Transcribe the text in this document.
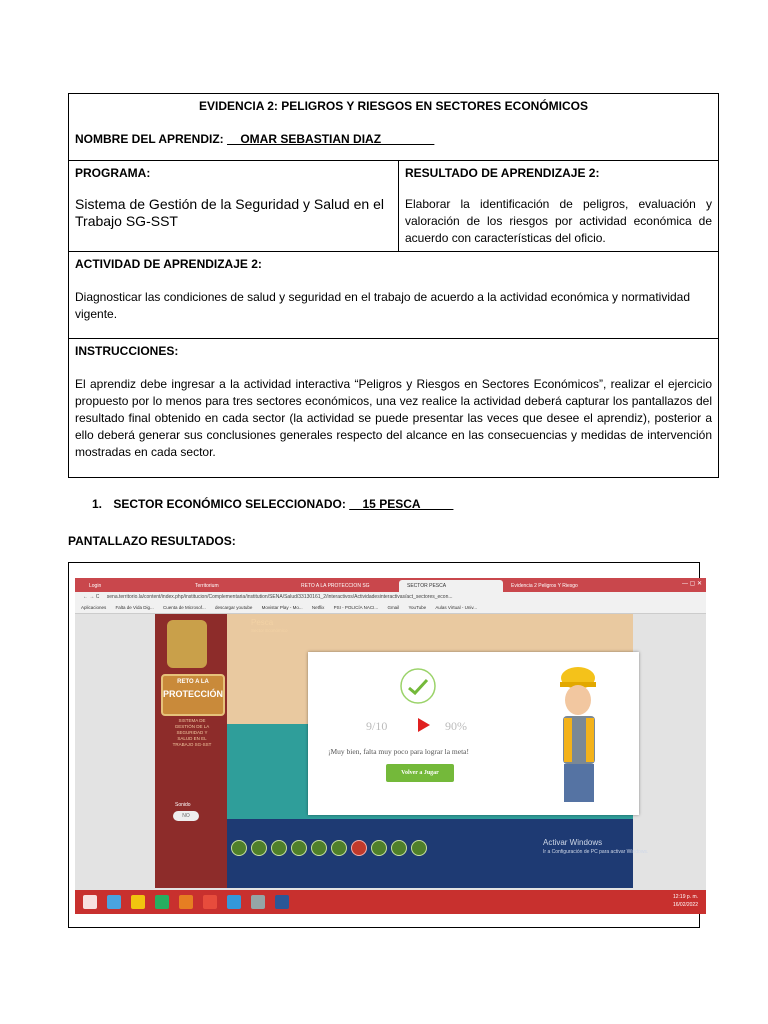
EVIDENCIA 2: PELIGROS Y RIESGOS EN SECTORES ECONÓMICOS
NOMBRE DEL APRENDIZ:     OMAR SEBASTIAN DIAZ

PROGRAMA:
Sistema de Gestión de la Seguridad y Salud en el Trabajo SG-SST

RESULTADO DE APRENDIZAJE 2:
Elaborar la identificación de peligros, evaluación y valoración de los riesgos por actividad económica de acuerdo con características del oficio.

ACTIVIDAD DE APRENDIZAJE 2:
Diagnosticar las condiciones de salud y seguridad en el trabajo de acuerdo a la actividad económica y normatividad vigente.

INSTRUCCIONES:
El aprendiz debe ingresar a la actividad interactiva “Peligros y Riesgos en Sectores Económicos”, realizar el ejercicio propuesto por lo menos para tres sectores económicos, una vez realice la actividad deberá capturar los pantallazos del resultado final obtenido en cada sector (la actividad se puede presentar las veces que desee el aprendiz), posterior a ello deberá generar sus conclusiones generales respecto del alcance en las consecuencias y medidas de intervención mostradas en cada sector.
1. SECTOR ECONÓMICO SELECCIONADO:     15 PESCA
PANTALLAZO RESULTADOS:
Login	Territorium	RETO A LA PROTECCION SG	SECTOR PESCA	Evidencia 2 Peligros Y Riesgo	— ▢ ✕
← → C sena.territorio.la/content/index.php/institucion/Complementaria/institution/SENA/Salud/33130161_2/interactivos/Actividadesinteractivas/act_sectores_econ...
Aplicaciones Falta de Vida Dig... Cuenta de Microsof... descargar youtube Movistar Play - Mo... Netflix PSI - POLICÍA NACI... Gmail YouTube Aulas Virtual - Univ...
RETO A LA
PROTECCIÓN
SISTEMA DE GESTIÓN DE LA SEGURIDAD Y SALUD EN EL TRABAJO SG-SST
Sonido
NO
Pesca
Sector Económico
9/10	90%
¡Muy bien, falta muy poco para lograr la meta!
Volver a Jugar
Activar Windows
Ir a Configuración de PC para activar Windows.
12:19 p. m.
16/02/2022
